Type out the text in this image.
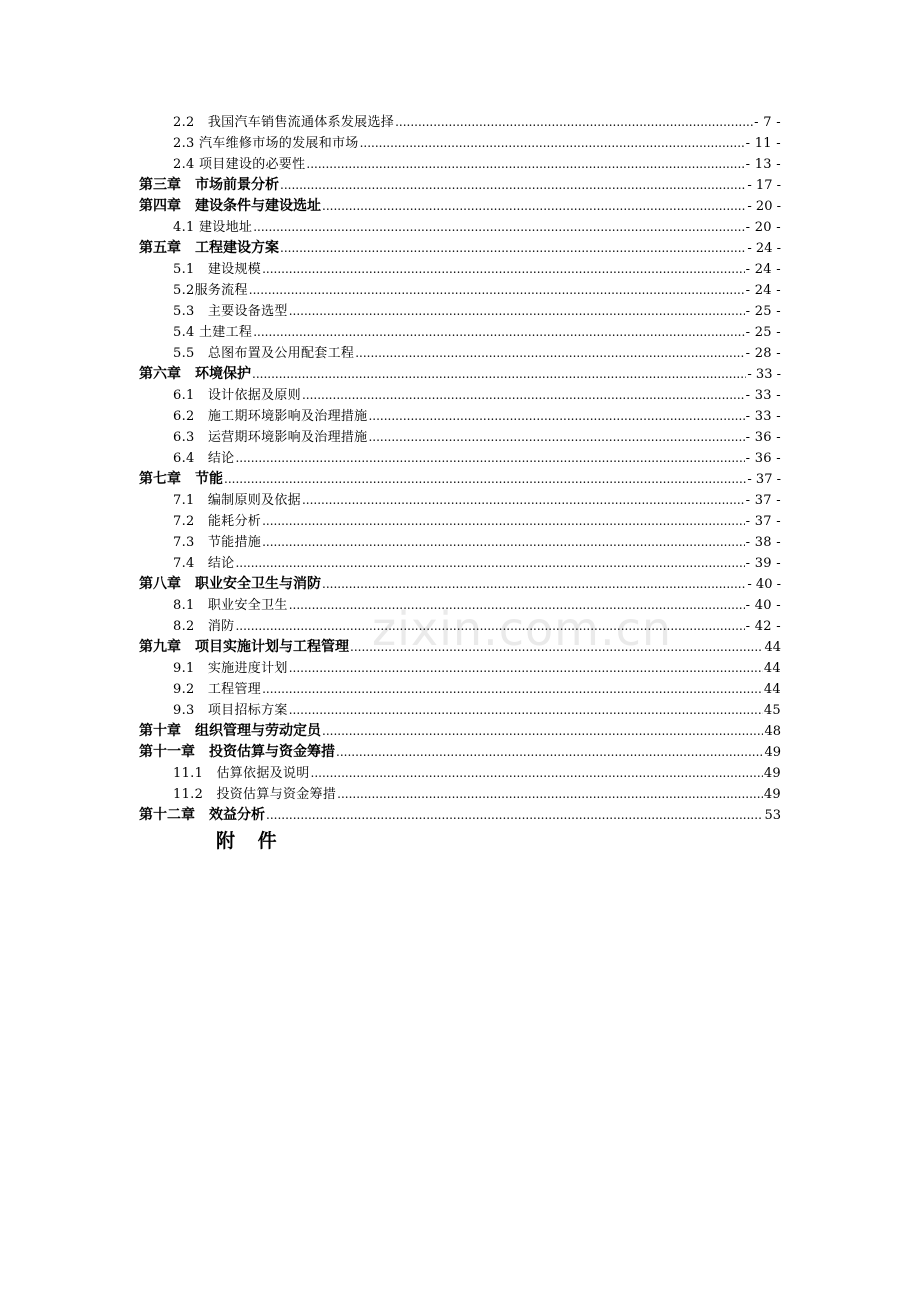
zixin.com.cn
2.2　我国汽车销售流通体系发展选择 .....	- 7 -
2.3 汽车维修市场的发展和市场 .....	- 11 -
2.4 项目建设的必要性 .....	- 13 -
第三章　市场前景分析 .....	- 17 -
第四章　建设条件与建设选址 .....	- 20 -
4.1 建设地址 .....	- 20 -
第五章　工程建设方案 .....	- 24 -
5.1　建设规模 .....	- 24 -
5.2服务流程 .....	- 24 -
5.3　主要设备选型 .....	- 25 -
5.4 土建工程 .....	- 25 -
5.5　总图布置及公用配套工程 .....	- 28 -
第六章　环境保护 .....	- 33 -
6.1　设计依据及原则 .....	- 33 -
6.2　施工期环境影响及治理措施 .....	- 33 -
6.3　运营期环境影响及治理措施 .....	- 36 -
6.4　结论 .....	- 36 -
第七章　节能 .....	- 37 -
7.1　编制原则及依据 .....	- 37 -
7.2　能耗分析 .....	- 37 -
7.3　节能措施 .....	- 38 -
7.4　结论 .....	- 39 -
第八章　职业安全卫生与消防 .....	- 40 -
8.1　职业安全卫生 .....	- 40 -
8.2　消防 .....	- 42 -
第九章　项目实施计划与工程管理 .....	44
9.1　实施进度计划 .....	44
9.2　工程管理 .....	44
9.3　项目招标方案 .....	45
第十章　组织管理与劳动定员 .....	48
第十一章　投资估算与资金筹措 .....	49
11.1　估算依据及说明 .....	49
11.2　投资估算与资金筹措 .....	49
第十二章　效益分析 .....	53
附 件
